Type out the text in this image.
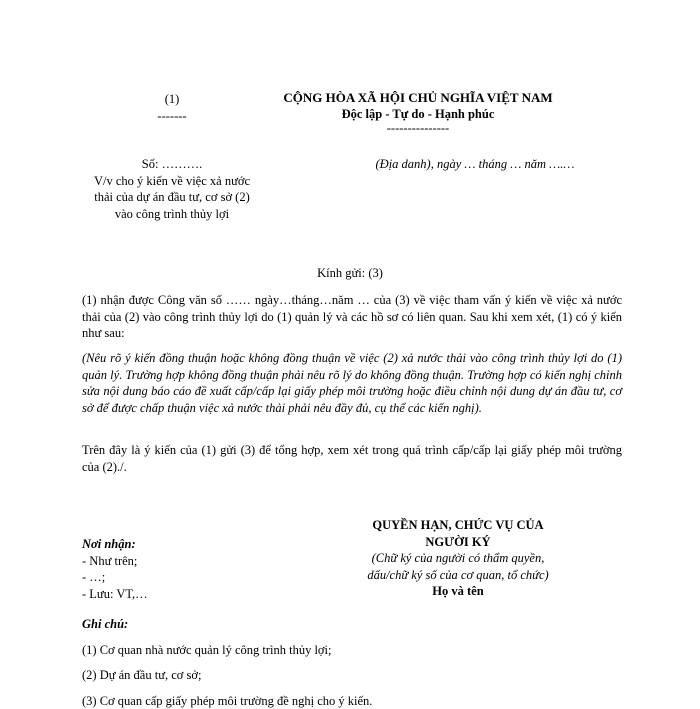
(1)
-------
CỘNG HÒA XÃ HỘI CHỦ NGHĨA VIỆT NAM
Độc lập - Tự do - Hạnh phúc
---------------
Số: ……….
V/v cho ý kiến về việc xả nước
thải của dự án đầu tư, cơ sở (2)
vào công trình thủy lợi
(Địa danh), ngày … tháng … năm ….…
Kính gửi: (3)
(1) nhận được Công văn số …… ngày…tháng…năm … của (3) về việc tham vấn ý kiến về việc xả nước thải của (2) vào công trình thủy lợi do (1) quản lý và các hồ sơ có liên quan. Sau khi xem xét, (1) có ý kiến như sau:
(Nêu rõ ý kiến đồng thuận hoặc không đồng thuận về việc (2) xả nước thải vào công trình thủy lợi do (1) quản lý. Trường hợp không đồng thuận phải nêu rõ lý do không đồng thuận. Trường hợp có kiến nghị chỉnh sửa nội dung báo cáo đề xuất cấp/cấp lại giấy phép môi trường hoặc điều chỉnh nội dung dự án đầu tư, cơ sở để được chấp thuận việc xả nước thải phải nêu đầy đủ, cụ thể các kiến nghị).
Trên đây là ý kiến của (1) gửi (3) để tổng hợp, xem xét trong quá trình cấp/cấp lại giấy phép môi trường của (2)./.
Nơi nhận:
- Như trên;
- …;
- Lưu: VT,…
QUYỀN HẠN, CHỨC VỤ CỦA
NGƯỜI KÝ
(Chữ ký của người có thẩm quyền,
dấu/chữ ký số của cơ quan, tổ chức)
Họ và tên
Ghi chú:
(1) Cơ quan nhà nước quản lý công trình thủy lợi;
(2) Dự án đầu tư, cơ sở;
(3) Cơ quan cấp giấy phép môi trường đề nghị cho ý kiến.
